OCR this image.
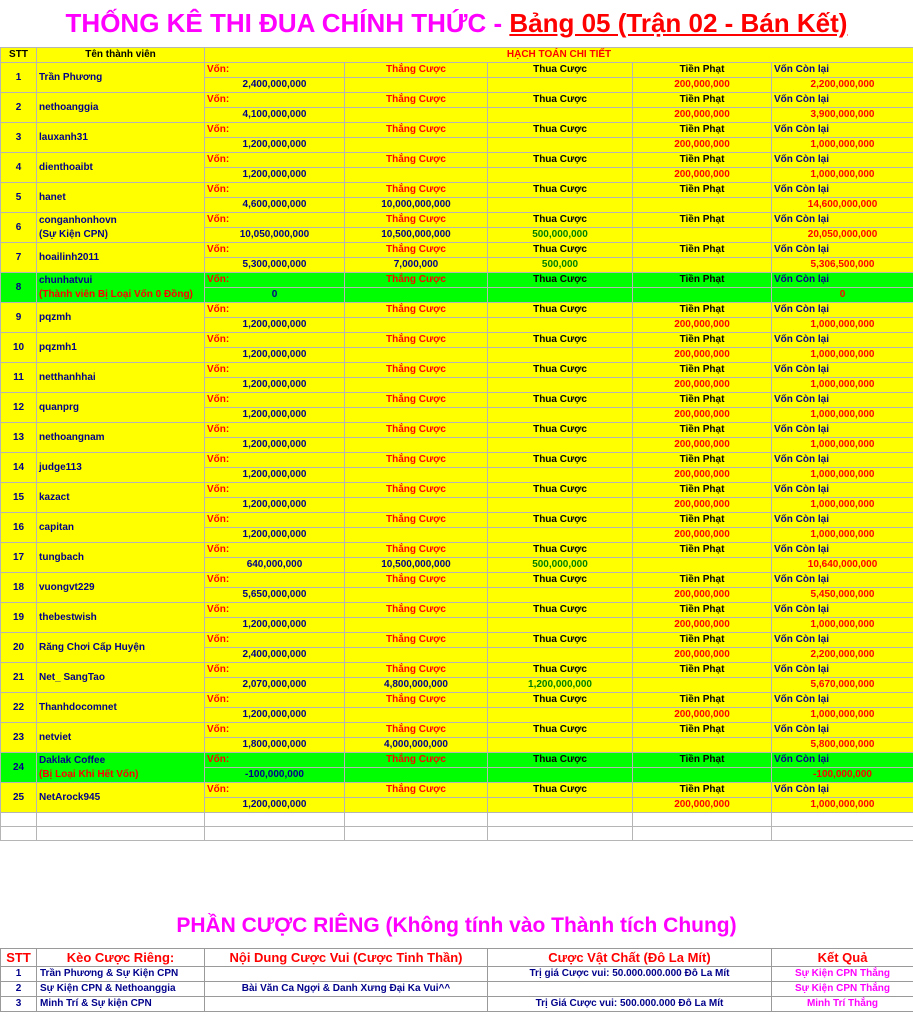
THỐNG KÊ THI ĐUA CHÍNH THỨC - Bảng 05 (Trận 02 - Bán Kết)
STT	Tên thành viên	HẠCH TOÁN CHI TIẾT				
1	Trần Phương	Vốn:	Thắng Cược	Thua Cược	Tiền Phạt	Vốn Còn lại
		2,400,000,000			200,000,000	2,200,000,000
2	nethoanggia	Vốn:	Thắng Cược	Thua Cược	Tiền Phạt	Vốn Còn lại
		4,100,000,000			200,000,000	3,900,000,000
3	lauxanh31	Vốn:	Thắng Cược	Thua Cược	Tiền Phạt	Vốn Còn lại
		1,200,000,000			200,000,000	1,000,000,000
4	dienthoaibt	Vốn:	Thắng Cược	Thua Cược	Tiền Phạt	Vốn Còn lại
		1,200,000,000			200,000,000	1,000,000,000
5	hanet	Vốn:	Thắng Cược	Thua Cược	Tiền Phạt	Vốn Còn lại
		4,600,000,000	10,000,000,000			14,600,000,000
6	conganhonhovn
(Sự Kiện CPN)	Vốn:	Thắng Cược	Thua Cược	Tiền Phạt	Vốn Còn lại
		10,050,000,000	10,500,000,000	500,000,000		20,050,000,000
7	hoailinh2011	Vốn:	Thắng Cược	Thua Cược	Tiền Phạt	Vốn Còn lại
		5,300,000,000	7,000,000	500,000		5,306,500,000
8	chunhatvui
(Thành viên Bị Loại Vốn 0 Đồng)	Vốn:	Thắng Cược	Thua Cược	Tiền Phạt	Vốn Còn lại
		0				0
9	pqzmh	Vốn:	Thắng Cược	Thua Cược	Tiền Phạt	Vốn Còn lại
		1,200,000,000			200,000,000	1,000,000,000
10	pqzmh1	Vốn:	Thắng Cược	Thua Cược	Tiền Phạt	Vốn Còn lại
		1,200,000,000			200,000,000	1,000,000,000
11	netthanhhai	Vốn:	Thắng Cược	Thua Cược	Tiền Phạt	Vốn Còn lại
		1,200,000,000			200,000,000	1,000,000,000
12	quanprg	Vốn:	Thắng Cược	Thua Cược	Tiền Phạt	Vốn Còn lại
		1,200,000,000			200,000,000	1,000,000,000
13	nethoangnam	Vốn:	Thắng Cược	Thua Cược	Tiền Phạt	Vốn Còn lại
		1,200,000,000			200,000,000	1,000,000,000
14	judge113	Vốn:	Thắng Cược	Thua Cược	Tiền Phạt	Vốn Còn lại
		1,200,000,000			200,000,000	1,000,000,000
15	kazact	Vốn:	Thắng Cược	Thua Cược	Tiền Phạt	Vốn Còn lại
		1,200,000,000			200,000,000	1,000,000,000
16	capitan	Vốn:	Thắng Cược	Thua Cược	Tiền Phạt	Vốn Còn lại
		1,200,000,000			200,000,000	1,000,000,000
17	tungbach	Vốn:	Thắng Cược	Thua Cược	Tiền Phạt	Vốn Còn lại
		640,000,000	10,500,000,000	500,000,000		10,640,000,000
18	vuongvt229	Vốn:	Thắng Cược	Thua Cược	Tiền Phạt	Vốn Còn lại
		5,650,000,000			200,000,000	5,450,000,000
19	thebestwish	Vốn:	Thắng Cược	Thua Cược	Tiền Phạt	Vốn Còn lại
		1,200,000,000			200,000,000	1,000,000,000
20	Răng Chơi Cấp Huyện	Vốn:	Thắng Cược	Thua Cược	Tiền Phạt	Vốn Còn lại
		2,400,000,000			200,000,000	2,200,000,000
21	Net_ SangTao	Vốn:	Thắng Cược	Thua Cược	Tiền Phạt	Vốn Còn lại
		2,070,000,000	4,800,000,000	1,200,000,000		5,670,000,000
22	Thanhdocomnet	Vốn:	Thắng Cược	Thua Cược	Tiền Phạt	Vốn Còn lại
		1,200,000,000			200,000,000	1,000,000,000
23	netviet	Vốn:	Thắng Cược	Thua Cược	Tiền Phạt	Vốn Còn lại
		1,800,000,000	4,000,000,000			5,800,000,000
24	Daklak Coffee
(Bị Loại Khi Hết Vốn)	Vốn:	Thắng Cược	Thua Cược	Tiền Phạt	Vốn Còn lại
		-100,000,000				-100,000,000
25	NetArock945	Vốn:	Thắng Cược	Thua Cược	Tiền Phạt	Vốn Còn lại
		1,200,000,000			200,000,000	1,000,000,000

PHẦN CƯỢC RIÊNG (Không tính vào Thành tích Chung)
STT	Kèo Cược Riêng:	Nội Dung Cược Vui (Cược Tinh Thần)	Cược Vật Chất (Đô La Mít)	Kết Quả
1	Trần Phương & Sự Kiện CPN		Trị giá Cược vui: 50.000.000.000 Đô La Mít	Sự Kiện CPN Thắng
2	Sự Kiện CPN & Nethoanggia	Bài Văn Ca Ngợi & Danh Xưng Đại Ka Vui^^		Sự Kiện CPN Thắng
3	Minh Trí & Sự kiện CPN		Trị Giá Cược vui: 500.000.000 Đô La Mít	Minh Trí Thắng
